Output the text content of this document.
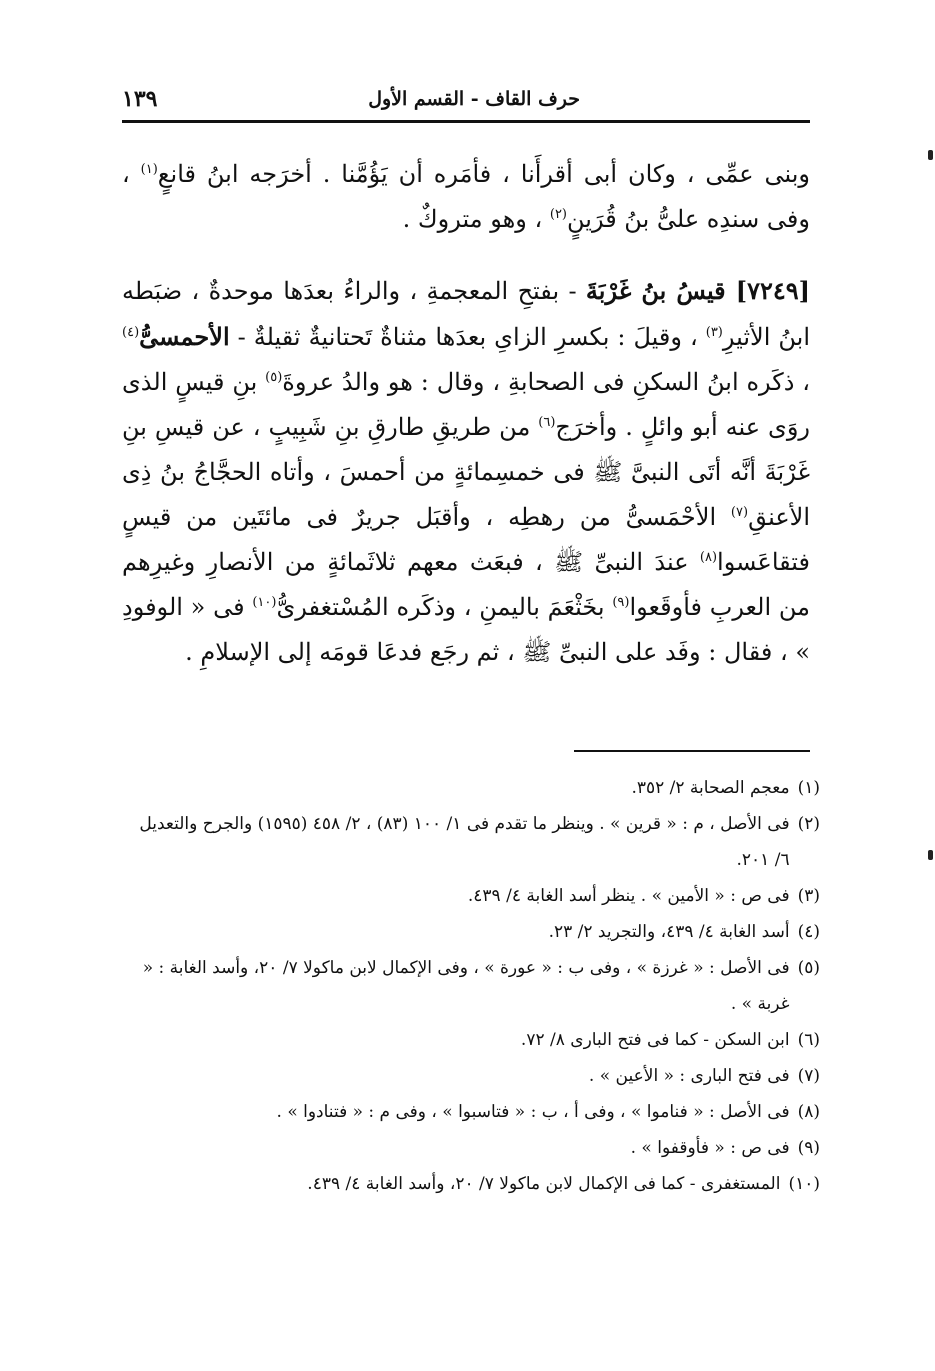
حرف القاف - القسم الأول
١٣٩

وبنى عمِّى ، وكان أبى أقرأَنا ، فأمَره أن يَؤُمَّنا . أخرَجه ابنُ قانعٍ$^{(١)}$ ، وفى سندِه علىُّ بنُ قُرَينٍ$^{(٢)}$ ، وهو متروكٌ .

[٧٢٤٩] قيسُ بنُ غَرْبَةَ - بفتحِ المعجمةِ ، والراءُ بعدَها موحدةٌ ، ضبَطه ابنُ الأثيرِ$^{(٣)}$ ، وقيلَ : بكسرِ الزاىِ بعدَها مثناةٌ تَحتانيةٌ ثقيلةٌ - الأحمسىُّ$^{(٤)}$ ، ذكَره ابنُ السكنِ فى الصحابةِ ، وقال : هو والدُ عروةَ$^{(٥)}$ بنِ قيسٍ الذى روَى عنه أبو وائلٍ . وأخرَج$^{(٦)}$ من طريقِ طارقِ بنِ شَبِيبٍ ، عن قيسِ بنِ غَرْبَةَ أنَّه أتَى النبىَّ ﷺ فى خمسِمائةٍ من أحمسَ ، وأتاه الحجَّاجُ بنُ ذِى الأعنقِ$^{(٧)}$ الأحْمَسىُّ من رهطِه ، وأقبَل جريرٌ فى مائتَين من قيسٍ فتقاعَسوا$^{(٨)}$ عندَ النبىِّ ﷺ ، فبعَث معهم ثلاثَمائةٍ من الأنصارِ وغيرِهم من العربِ فأوقَعوا$^{(٩)}$ بخَثْعَمَ باليمنِ ، وذكَره المُسْتغفرىُّ$^{(١٠)}$ فى « الوفودِ » ، فقال : وفَد على النبىِّ ﷺ ، ثم رجَع فدعَا قومَه إلى الإسلامِ .

(١)
معجم الصحابة ٢/ ٣٥٢.
(٢)
فى الأصل ، م : « قرين » . وينظر ما تقدم فى ١/ ١٠٠ (٨٣) ، ٢/ ٤٥٨ (١٥٩٥) والجرح والتعديل ٦/ ٢٠١.
(٣)
فى ص : « الأمين » . ينظر أسد الغابة ٤/ ٤٣٩.
(٤)
أسد الغابة ٤/ ٤٣٩، والتجريد ٢/ ٢٣.
(٥)
فى الأصل : « غرزة » ، وفى ب : « عورة » ، وفى الإكمال لابن ماكولا ٧/ ٢٠، وأسد الغابة : « غربة » .
(٦)
ابن السكن - كما فى فتح البارى ٨/ ٧٢.
(٧)
فى فتح البارى : « الأعين » .
(٨)
فى الأصل : « فناموا » ، وفى أ ، ب : « فتاسبوا » ، وفى م : « فتنادوا » .
(٩)
فى ص : « فأوقفوا » .
(١٠)
المستغفرى - كما فى الإكمال لابن ماكولا ٧/ ٢٠، وأسد الغابة ٤/ ٤٣٩.
